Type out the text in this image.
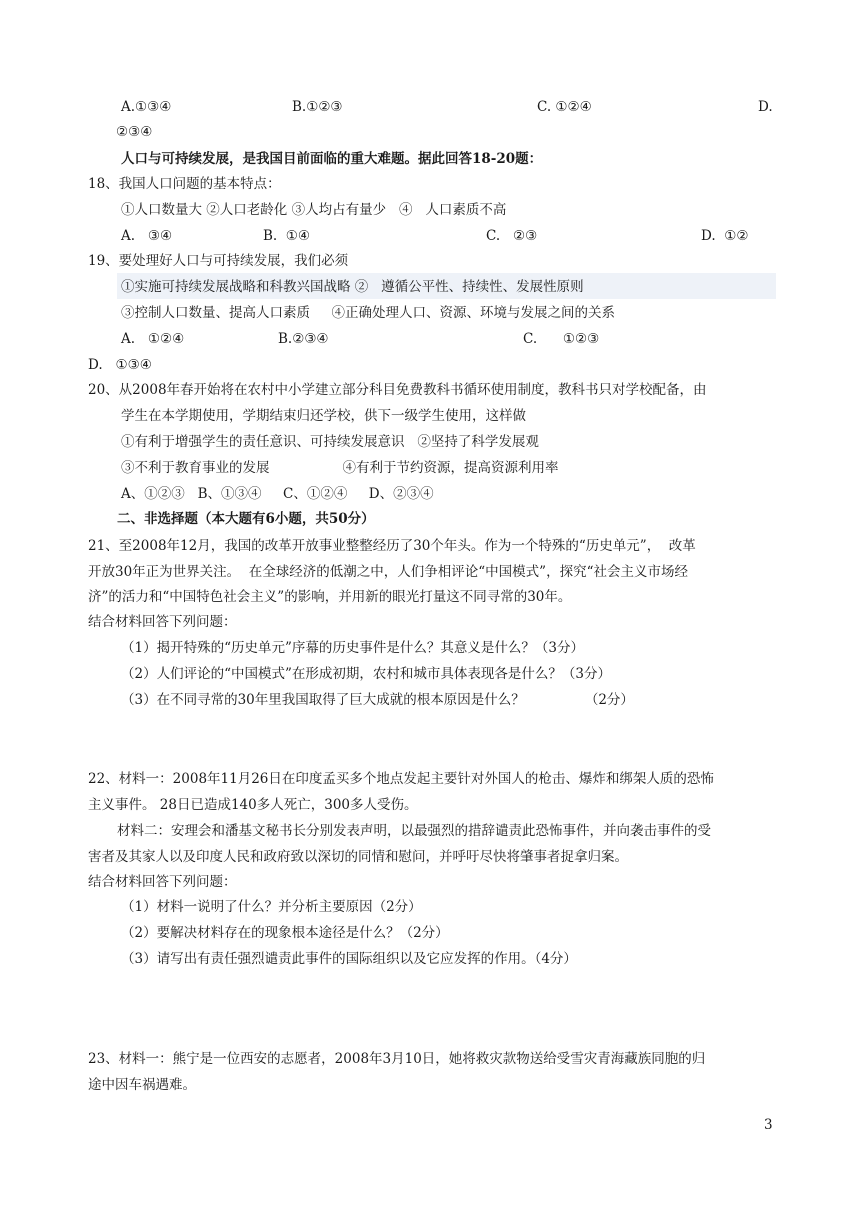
A.①③④	B.①②③	C. ①②④	D.
②③④
人口与可持续发展，是我国目前面临的重大难题。据此回答18-20题：
18、我国人口问题的基本特点：
①人口数量大 ②人口老龄化 ③人均占有量少   ④   人口素质不高
A.   ③④	B.  ①④	C.   ②③	D.  ①②
19、要处理好人口与可持续发展，我们必须
①实施可持续发展战略和科教兴国战略 ②   遵循公平性、持续性、发展性原则
③控制人口数量、提高人口素质     ④正确处理人口、资源、环境与发展之间的关系
A.   ①②④	B.②③④	C.      ①②③
D.   ①③④
20、从2008年春开始将在农村中小学建立部分科目免费教科书循环使用制度，教科书只对学校配备，由
学生在本学期使用，学期结束归还学校，供下一级学生使用，这样做
①有利于增强学生的责任意识、可持续发展意识   ②坚持了科学发展观
③不利于教育事业的发展                 ④有利于节约资源，提高资源利用率
A、①②③   B、①③④     C、①②④     D、②③④
二、非选择题（本大题有6小题，共50分）
21、至2008年12月，我国的改革开放事业整整经历了30个年头。作为一个特殊的“历史单元”，  改革
开放30年正为世界关注。  在全球经济的低潮之中，人们争相评论“中国模式”，探究“社会主义市场经
济”的活力和“中国特色社会主义”的影响，并用新的眼光打量这不同寻常的30年。
结合材料回答下列问题：
（1）揭开特殊的“历史单元”序幕的历史事件是什么？其意义是什么？（3分）
（2）人们评论的“中国模式”在形成初期，农村和城市具体表现各是什么？（3分）
（3）在不同寻常的30年里我国取得了巨大成就的根本原因是什么？              （2分）
22、材料一：2008年11月26日在印度孟买多个地点发起主要针对外国人的枪击、爆炸和绑架人质的恐怖
主义事件。 28日已造成140多人死亡，300多人受伤。
材料二：安理会和潘基文秘书长分别发表声明，以最强烈的措辞谴责此恐怖事件，并向袭击事件的受
害者及其家人以及印度人民和政府致以深切的同情和慰问，并呼吁尽快将肇事者捉拿归案。
结合材料回答下列问题：
（1）材料一说明了什么？并分析主要原因（2分）
（2）要解决材料存在的现象根本途径是什么？（2分）
（3）请写出有责任强烈谴责此事件的国际组织以及它应发挥的作用。（4分）
23、材料一：熊宁是一位西安的志愿者，2008年3月10日，她将救灾款物送给受雪灾青海藏族同胞的归
途中因车祸遇难。
3
